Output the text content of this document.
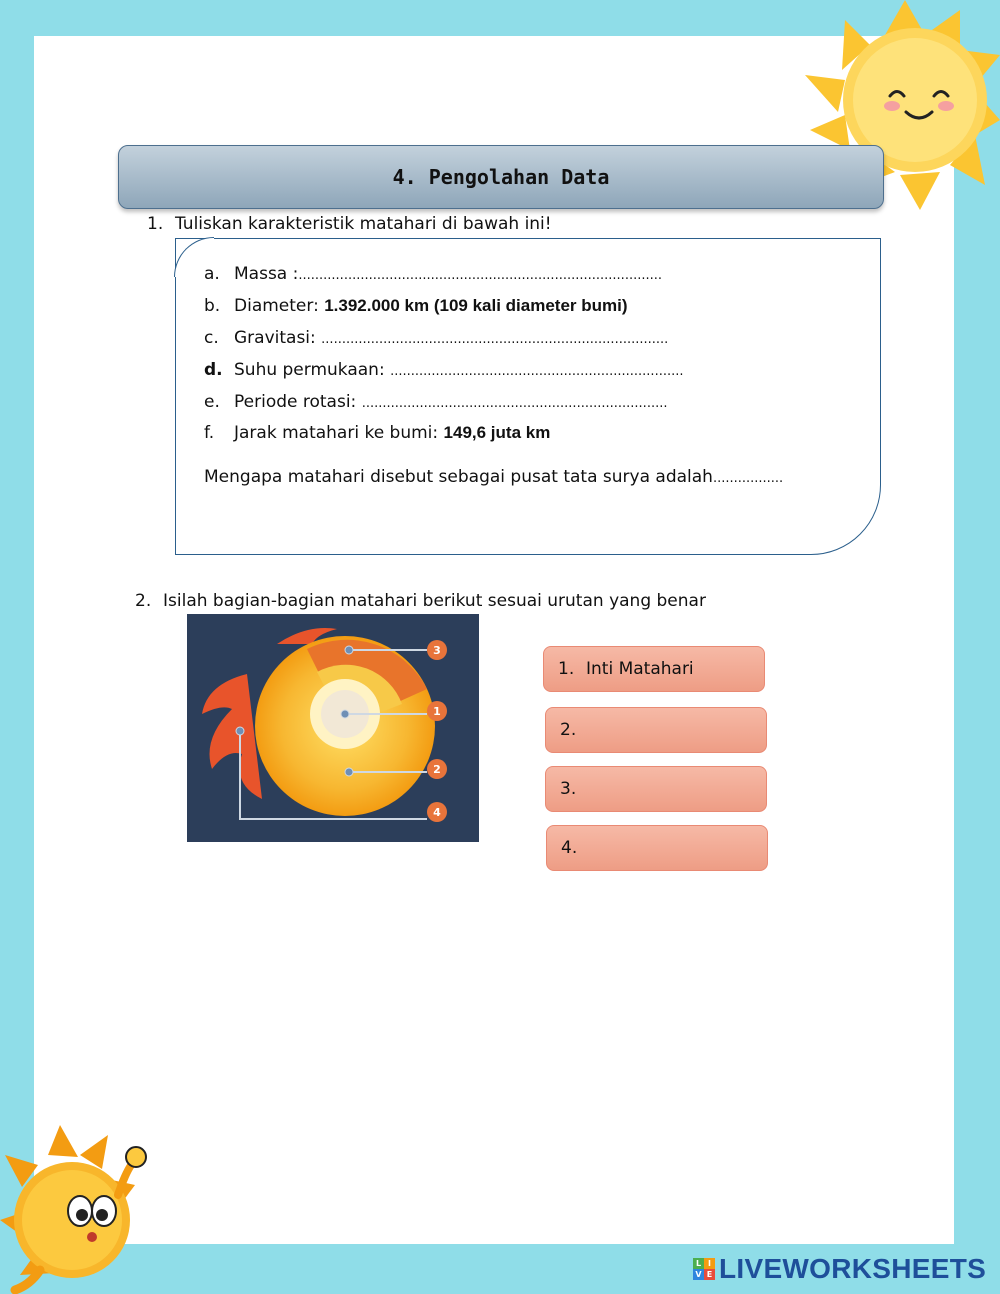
4. Pengolahan Data
1. Tuliskan karakteristik matahari di bawah ini!
a. Massa :........................................................................................
b. Diameter: 1.392.000 km (109 kali diameter bumi)
c. Gravitasi: ....................................................................................
d. Suhu permukaan: .......................................................................
e. Periode rotasi: ..........................................................................
f. Jarak matahari ke bumi: 149,6 juta km
Mengapa matahari disebut sebagai pusat tata surya adalah.................
2. Isilah bagian-bagian matahari berikut sesuai urutan yang benar
3
1
2
4
1. Inti Matahari
2.
3.
4.
L I
V E LIVEWORKSHEETS
